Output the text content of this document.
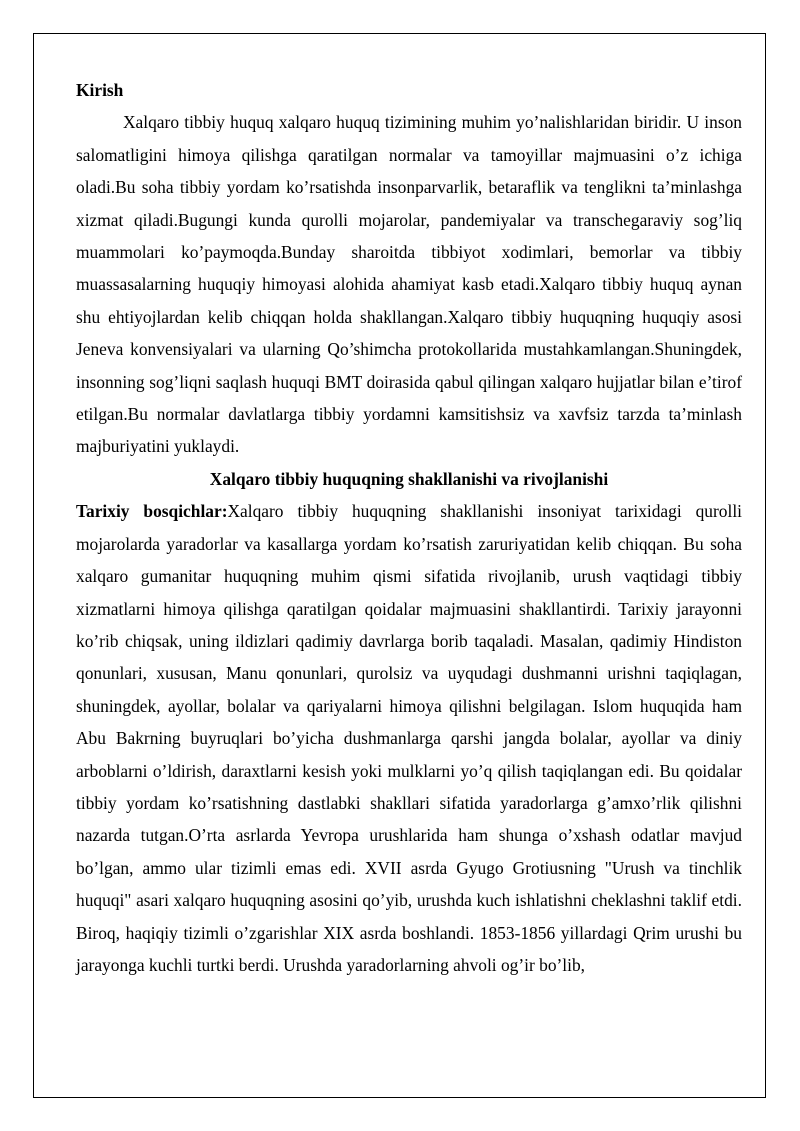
Kirish

Xalqaro tibbiy huquq xalqaro huquq tizimining muhim yo’nalishlaridan biridir. U inson salomatligini himoya qilishga qaratilgan normalar va tamoyillar majmuasini o’z ichiga oladi.Bu soha tibbiy yordam ko’rsatishda insonparvarlik, betaraflik va tenglikni ta’minlashga xizmat qiladi.Bugungi kunda qurolli mojarolar, pandemiyalar va transchegaraviy sog’liq muammolari ko’paymoqda.Bunday sharoitda tibbiyot xodimlari, bemorlar va tibbiy muassasalarning huquqiy himoyasi alohida ahamiyat kasb etadi.Xalqaro tibbiy huquq aynan shu ehtiyojlardan kelib chiqqan holda shakllangan.Xalqaro tibbiy huquqning huquqiy asosi Jeneva konvensiyalari va ularning Qo’shimcha protokollarida mustahkamlangan.Shuningdek, insonning sog’liqni saqlash huquqi BMT doirasida qabul qilingan xalqaro hujjatlar bilan e’tirof etilgan.Bu normalar davlatlarga tibbiy yordamni kamsitishsiz va xavfsiz tarzda ta’minlash majburiyatini yuklaydi.

Xalqaro tibbiy huquqning shakllanishi va rivojlanishi

Tarixiy bosqichlar:Xalqaro tibbiy huquqning shakllanishi insoniyat tarixidagi qurolli mojarolarda yaradorlar va kasallarga yordam ko’rsatish zaruriyatidan kelib chiqqan. Bu soha xalqaro gumanitar huquqning muhim qismi sifatida rivojlanib, urush vaqtidagi tibbiy xizmatlarni himoya qilishga qaratilgan qoidalar majmuasini shakllantirdi. Tarixiy jarayonni ko’rib chiqsak, uning ildizlari qadimiy davrlarga borib taqaladi. Masalan, qadimiy Hindiston qonunlari, xususan, Manu qonunlari, qurolsiz va uyqudagi dushmanni urishni taqiqlagan, shuningdek, ayollar, bolalar va qariyalarni himoya qilishni belgilagan. Islom huquqida ham Abu Bakrning buyruqlari bo’yicha dushmanlarga qarshi jangda bolalar, ayollar va diniy arboblarni o’ldirish, daraxtlarni kesish yoki mulklarni yo’q qilish taqiqlangan edi. Bu qoidalar tibbiy yordam ko’rsatishning dastlabki shakllari sifatida yaradorlarga g’amxo’rlik qilishni nazarda tutgan.O’rta asrlarda Yevropa urushlarida ham shunga o’xshash odatlar mavjud bo’lgan, ammo ular tizimli emas edi. XVII asrda Gyugo Grotiusning "Urush va tinchlik huquqi" asari xalqaro huquqning asosini qo’yib, urushda kuch ishlatishni cheklashni taklif etdi. Biroq, haqiqiy tizimli o’zgarishlar XIX asrda boshlandi. 1853-1856 yillardagi Qrim urushi bu jarayonga kuchli turtki berdi. Urushda yaradorlarning ahvoli og’ir bo’lib,
